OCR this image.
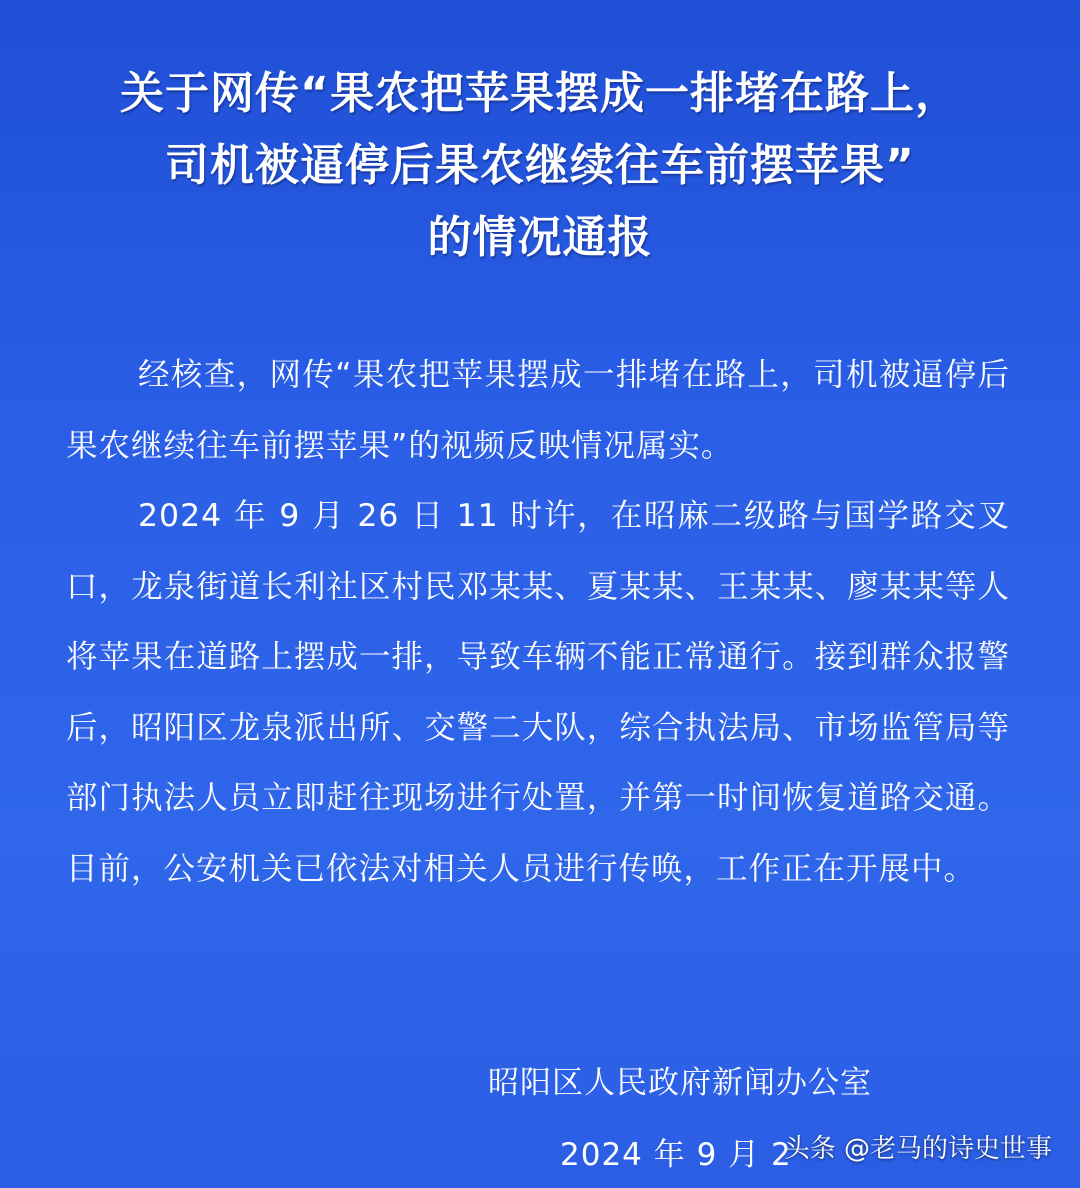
关于网传“果农把苹果摆成一排堵在路上，
司机被逼停后果农继续往车前摆苹果”
的情况通报

经核查，网传“果农把苹果摆成一排堵在路上，司机被逼停后果农继续往车前摆苹果”的视频反映情况属实。

2024 年 9 月 26 日 11 时许，在昭麻二级路与国学路交叉口，龙泉街道长利社区村民邓某某、夏某某、王某某、廖某某等人将苹果在道路上摆成一排，导致车辆不能正常通行。接到群众报警后，昭阳区龙泉派出所、交警二大队，综合执法局、市场监管局等部门执法人员立即赶往现场进行处置，并第一时间恢复道路交通。目前，公安机关已依法对相关人员进行传唤，工作正在开展中。

昭阳区人民政府新闻办公室
2024 年 9 月 2
头条 @老马的诗史世事
